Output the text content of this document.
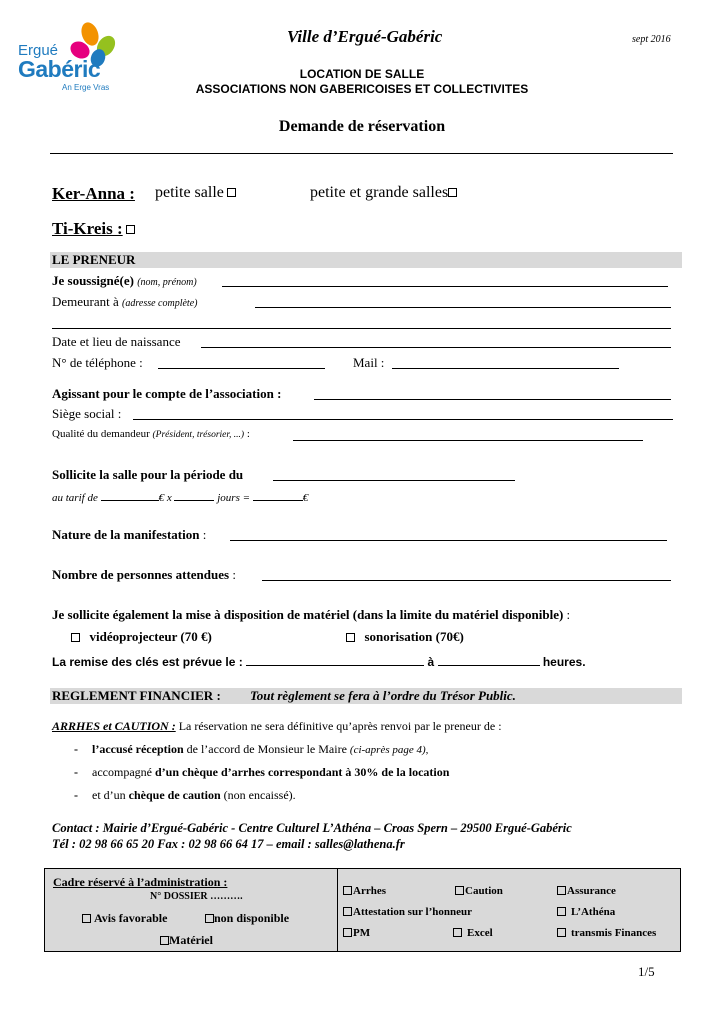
Ergué
Gabéric
An Erge Vras
Ville d’Ergué-Gabéric	sept 2016
LOCATION DE SALLE
ASSOCIATIONS NON GABERICOISES ET COLLECTIVITES
Demande de réservation
Ker-Anna : petite salle	petite et grande salles
Ti-Kreis :
LE PRENEUR
Je soussigné(e) (nom, prénom)
Demeurant à (adresse complète)
Date et lieu de naissance
N° de téléphone :	Mail :
Agissant pour le compte de l’association :
Siège social :
Qualité du demandeur (Président, trésorier, ...) :
Sollicite la salle pour la période du
au tarif de	€ x	jours =	€
Nature de la manifestation :
Nombre de personnes attendues :
Je sollicite également la mise à disposition de matériel (dans la limite du matériel disponible) :
vidéoprojecteur (70 €)	sonorisation (70€)
La remise des clés est prévue le :	à	heures.
REGLEMENT FINANCIER : Tout règlement se fera à l’ordre du Trésor Public.
ARRHES et CAUTION : La réservation ne sera définitive qu’après renvoi par le preneur de :
- l’accusé réception de l’accord de Monsieur le Maire (ci-après page 4),
- accompagné d’un chèque d’arrhes correspondant à 30% de la location
- et d’un chèque de caution (non encaissé).
Contact : Mairie d’Ergué-Gabéric - Centre Culturel L’Athéna – Croas Spern – 29500 Ergué-Gabéric
Tél : 02 98 66 65 20 Fax : 02 98 66 64 17 – email : salles@lathena.fr
Cadre réservé à l’administration :
N° DOSSIER ……….
Avis favorable	non disponible
Matériel
Arrhes	Caution	Assurance
Attestation sur l’honneur	L’Athéna
PM	Excel	transmis Finances
1/5
